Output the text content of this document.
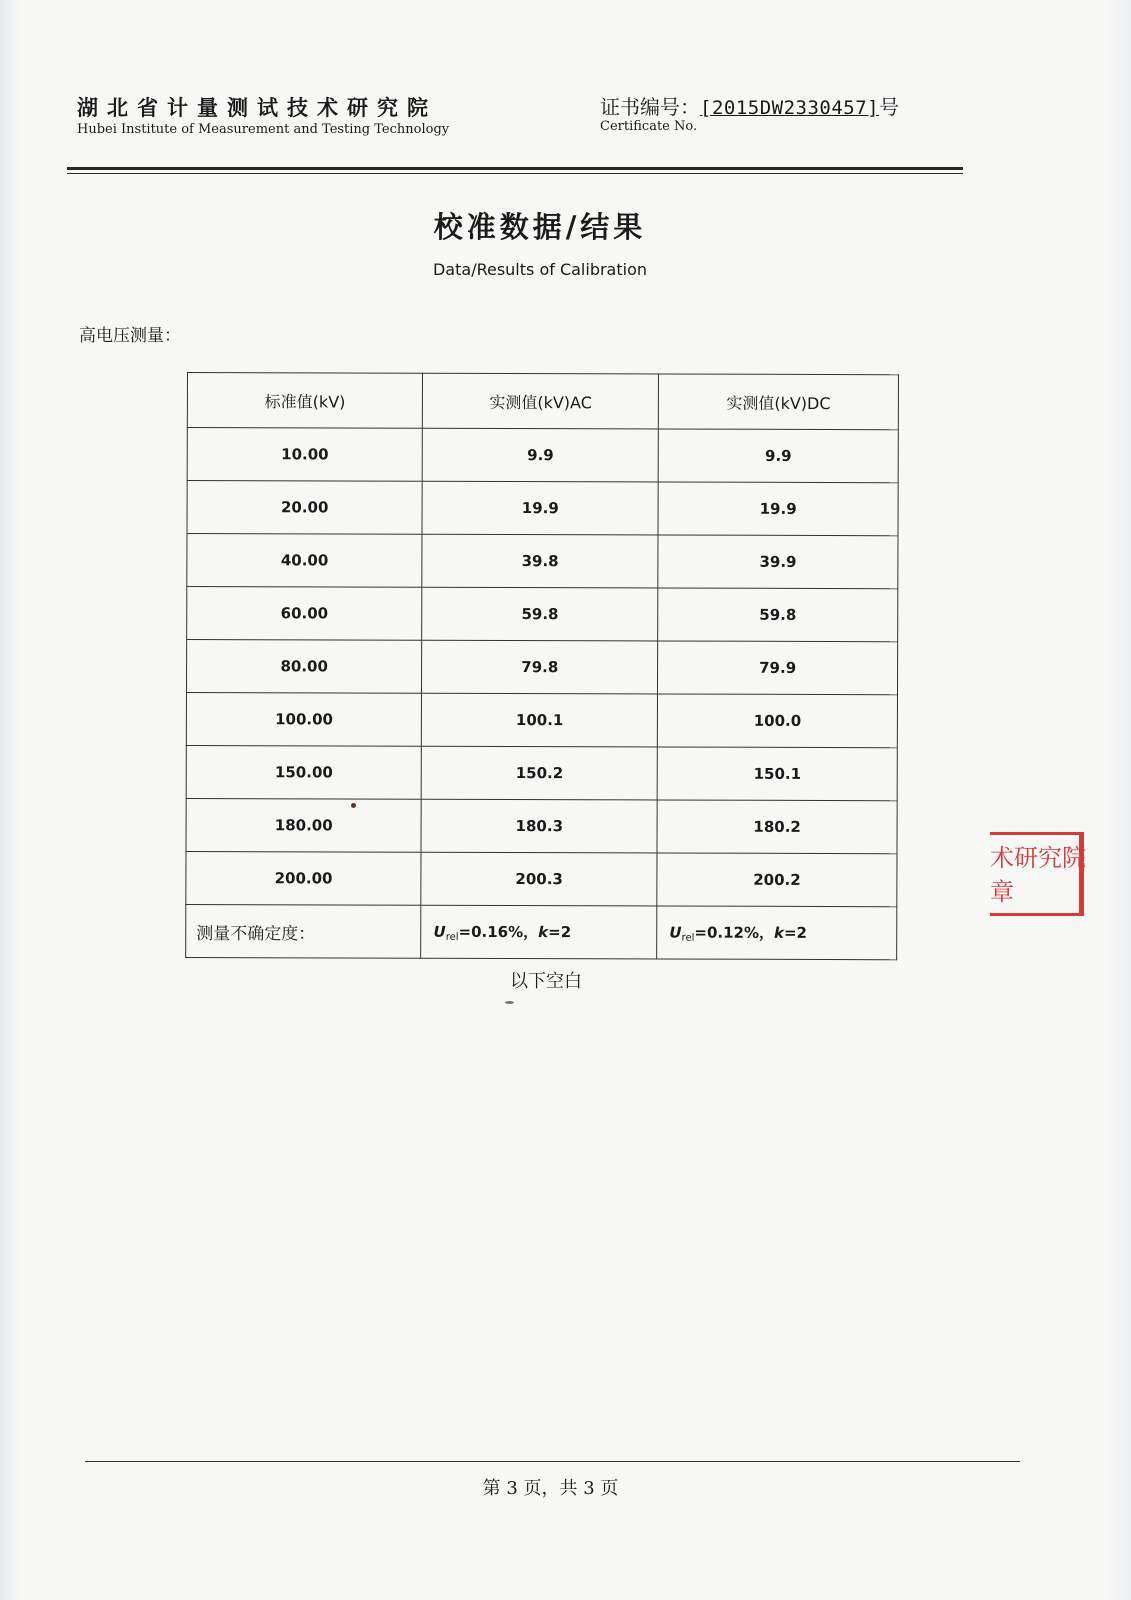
湖北省计量测试技术研究院
Hubei Institute of Measurement and Testing Technology
证书编号：[2015DW2330457]号
Certificate No.
校准数据/结果
Data/Results of Calibration
高电压测量：
标准值(kV)	实测值(kV)AC	实测值(kV)DC
10.00	9.9	9.9
20.00	19.9	19.9
40.00	39.8	39.9
60.00	59.8	59.8
80.00	79.8	79.9
100.00	100.1	100.0
150.00	150.2	150.1
180.00	180.3	180.2
200.00	200.3	200.2
测量不确定度：	$U_{rel}=0.16\%$，k=2	$U_{rel}=0.12\%$，k=2
以下空白
术研究院
章
第 3 页，共 3 页
